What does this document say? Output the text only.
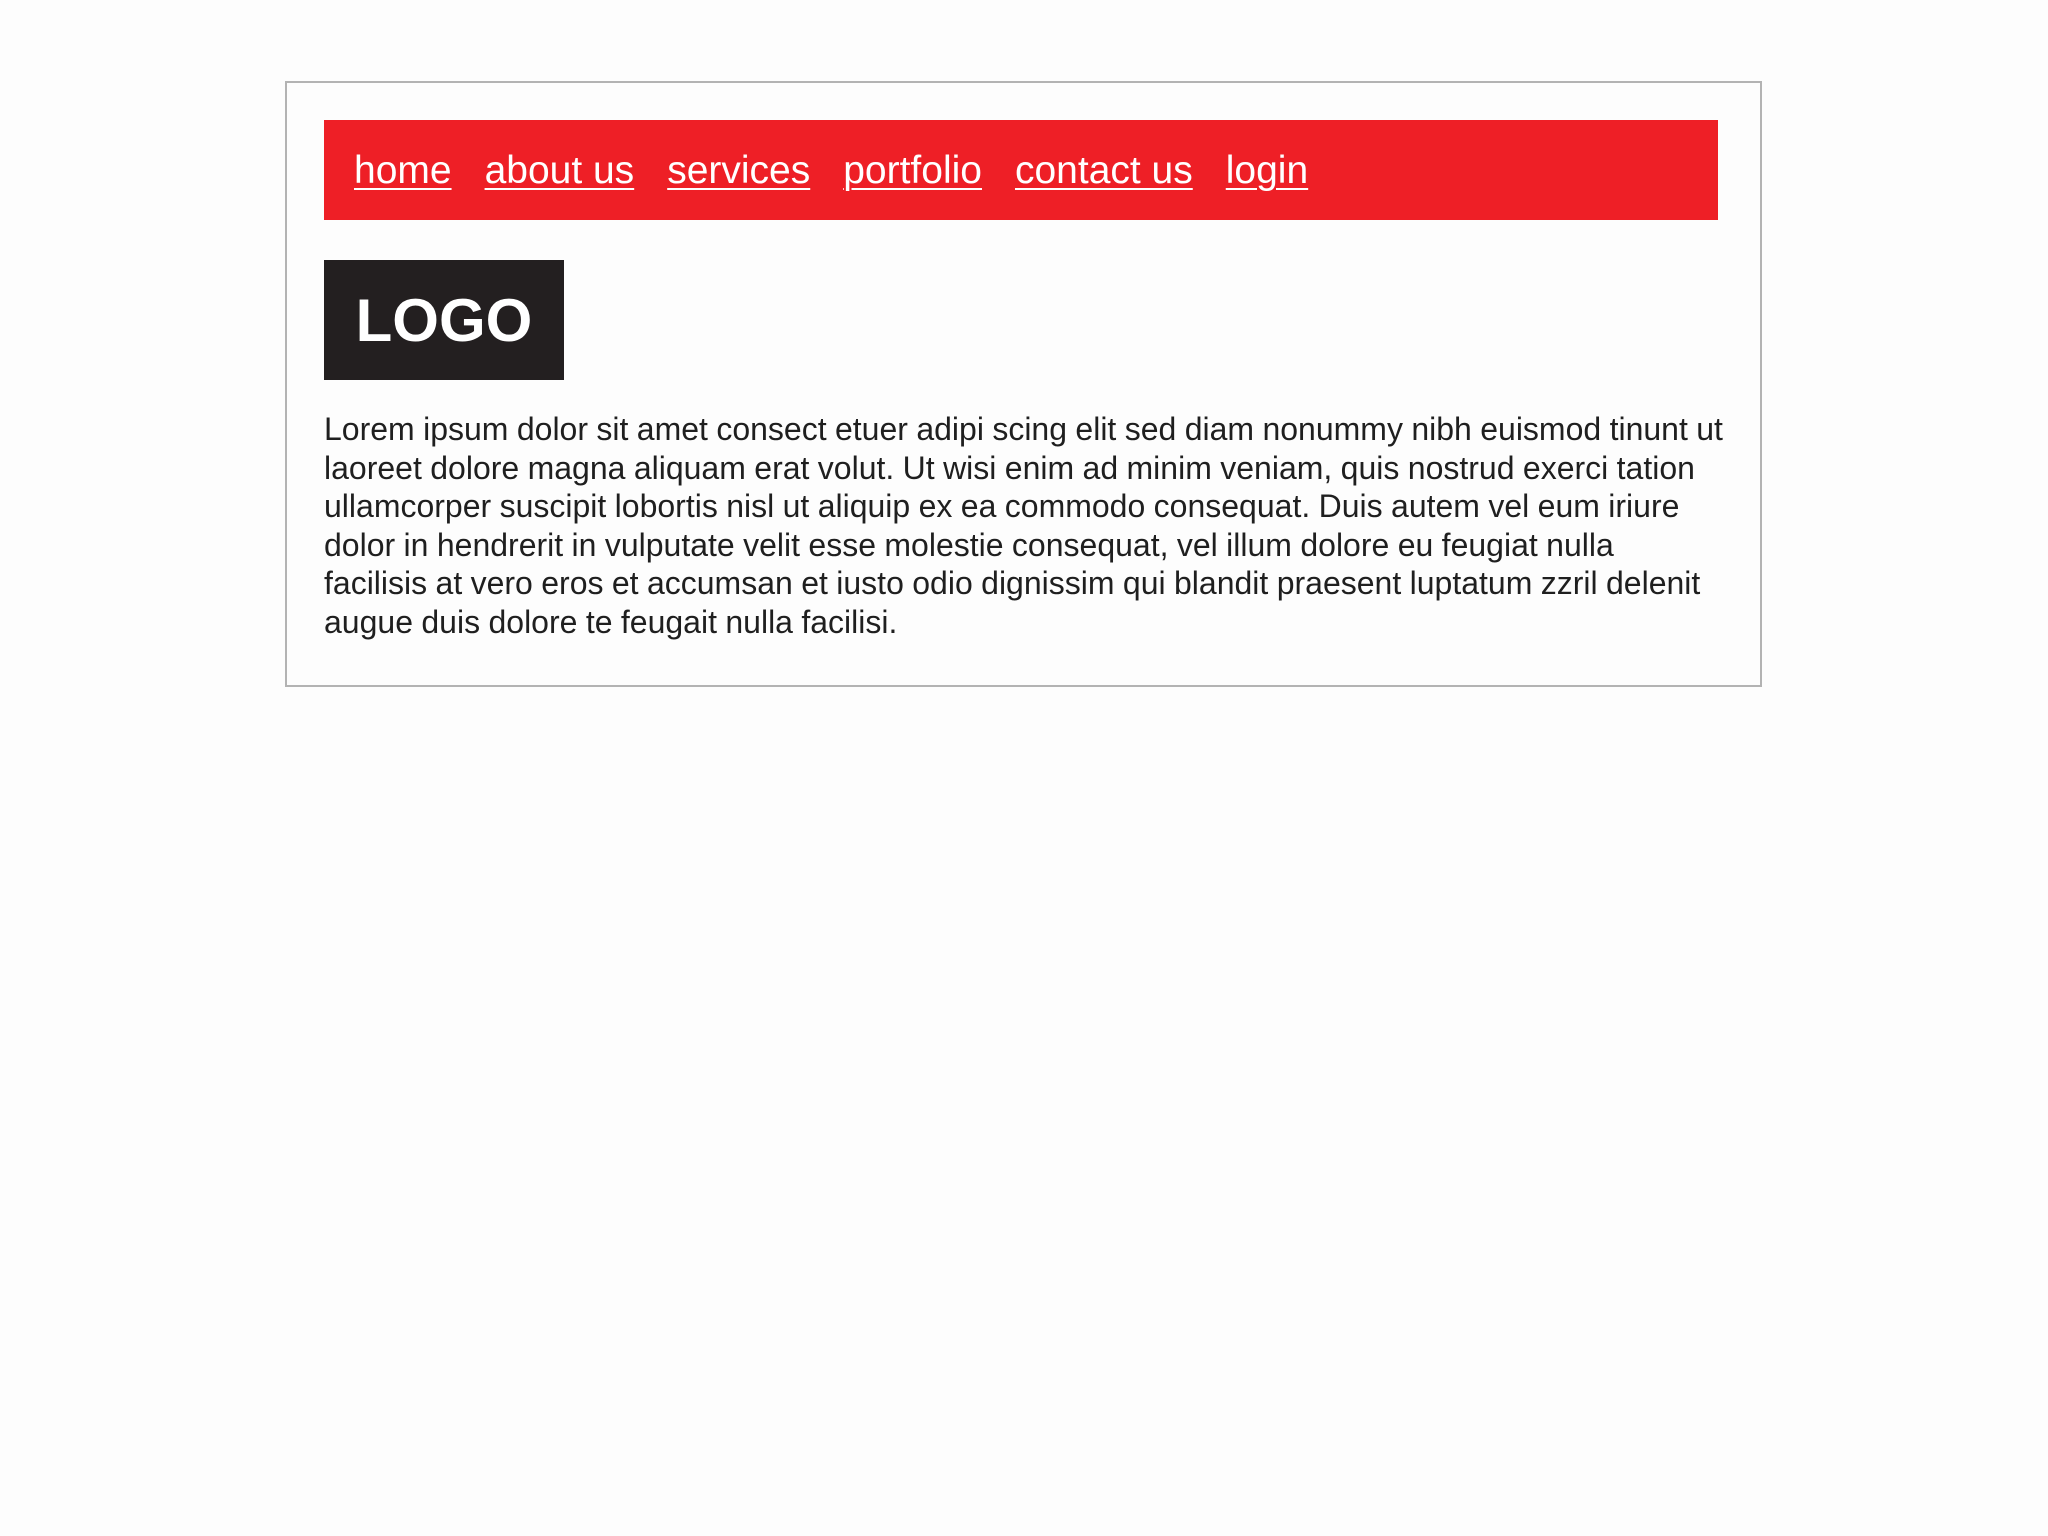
home about us services portfolio contact us login
LOGO

Lorem ipsum dolor sit amet consect etuer adipi scing elit sed diam nonummy nibh euismod tinunt ut laoreet dolore magna aliquam erat volut. Ut wisi enim ad minim veniam, quis nostrud exerci tation ullamcorper suscipit lobortis nisl ut aliquip ex ea commodo consequat. Duis autem vel eum iriure dolor in hendrerit in vulputate velit esse molestie consequat, vel illum dolore eu feugiat nulla facilisis at vero eros et accumsan et iusto odio dignissim qui blandit praesent luptatum zzril delenit augue duis dolore te feugait nulla facilisi.
